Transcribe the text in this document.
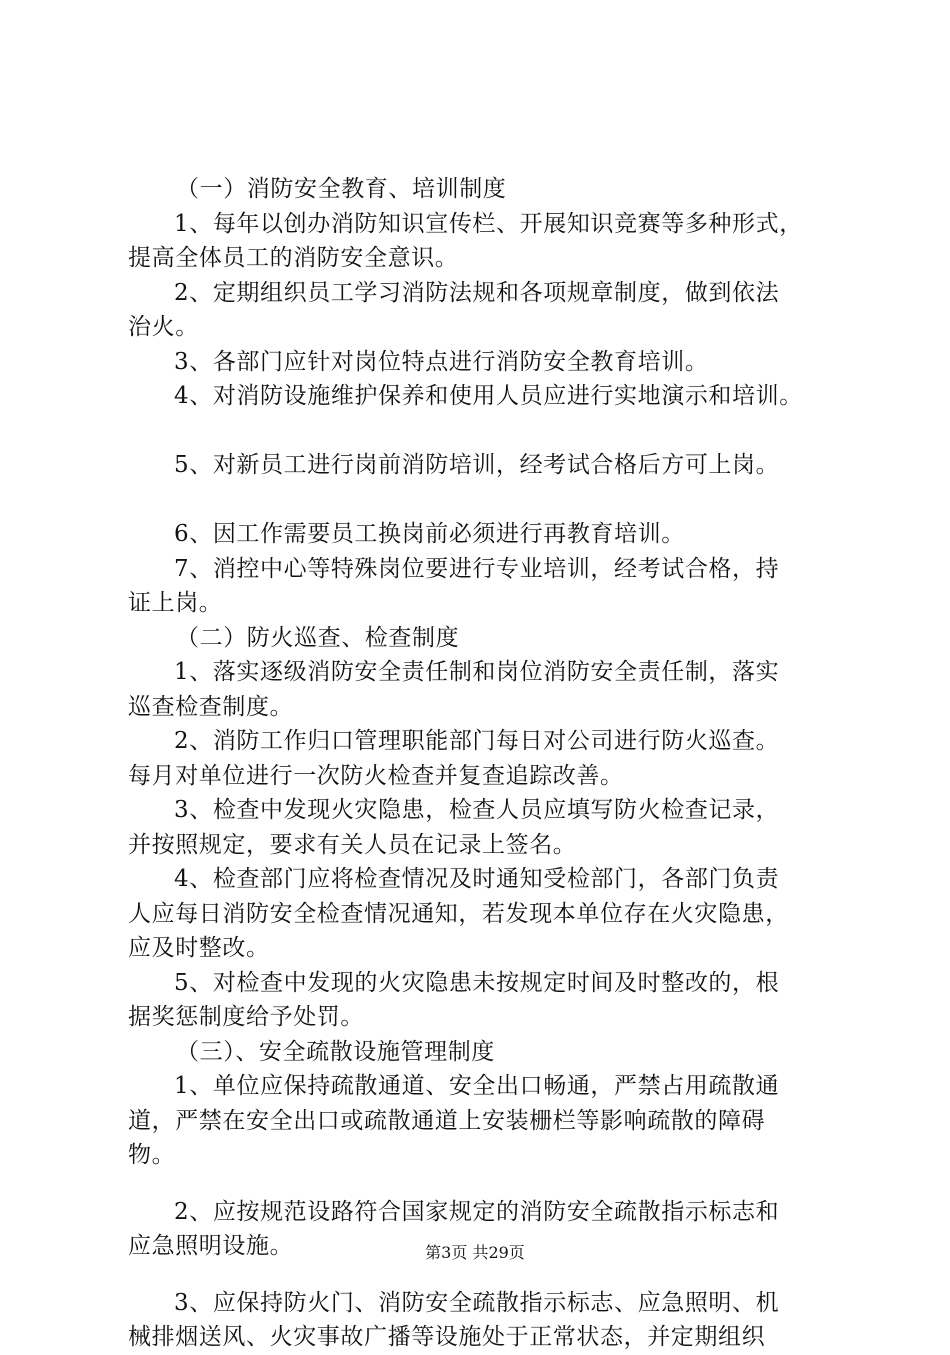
（一）消防安全教育、培训制度
1、每年以创办消防知识宣传栏、开展知识竞赛等多种形式，
提高全体员工的消防安全意识。
2、定期组织员工学习消防法规和各项规章制度，做到依法
治火。
3、各部门应针对岗位特点进行消防安全教育培训。
4、对消防设施维护保养和使用人员应进行实地演示和培训。
5、对新员工进行岗前消防培训，经考试合格后方可上岗。
6、因工作需要员工换岗前必须进行再教育培训。
7、消控中心等特殊岗位要进行专业培训，经考试合格，持
证上岗。
（二）防火巡查、检查制度
1、落实逐级消防安全责任制和岗位消防安全责任制，落实
巡查检查制度。
2、消防工作归口管理职能部门每日对公司进行防火巡查。
每月对单位进行一次防火检查并复查追踪改善。
3、检查中发现火灾隐患，检查人员应填写防火检查记录，
并按照规定，要求有关人员在记录上签名。
4、检查部门应将检查情况及时通知受检部门，各部门负责
人应每日消防安全检查情况通知，若发现本单位存在火灾隐患，
应及时整改。
5、对检查中发现的火灾隐患未按规定时间及时整改的，根
据奖惩制度给予处罚。
（三）、安全疏散设施管理制度
1、单位应保持疏散通道、安全出口畅通，严禁占用疏散通
道，严禁在安全出口或疏散通道上安装栅栏等影响疏散的障碍
物。
2、应按规范设路符合国家规定的消防安全疏散指示标志和
应急照明设施。
3、应保持防火门、消防安全疏散指示标志、应急照明、机
械排烟送风、火灾事故广播等设施处于正常状态，并定期组织
第3页 共29页
